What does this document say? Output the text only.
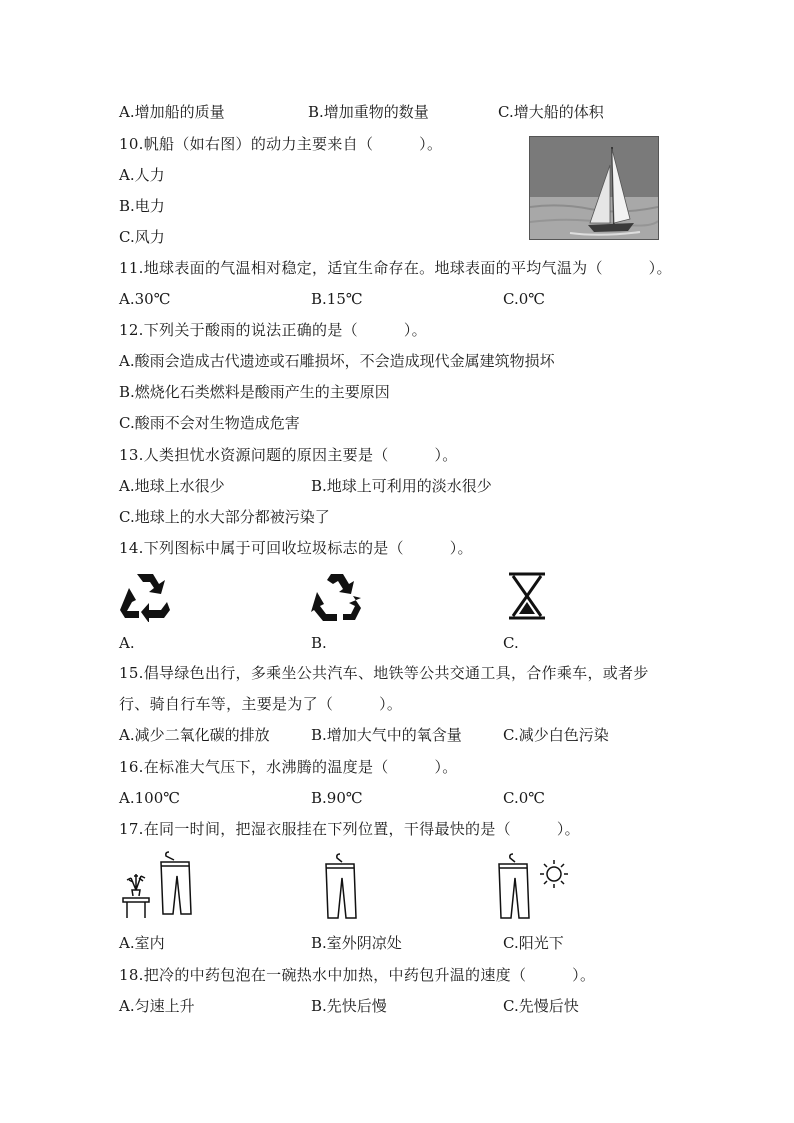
A.增加船的质量	B.增加重物的数量	C.增大船的体积
10.帆船（如右图）的动力主要来自（　　　）。
A.人力
B.电力
C.风力
11.地球表面的气温相对稳定，适宜生命存在。地球表面的平均气温为（　　　）。
A.30℃	B.15℃	C.0℃
12.下列关于酸雨的说法正确的是（　　　）。
A.酸雨会造成古代遗迹或石雕损坏，不会造成现代金属建筑物损坏
B.燃烧化石类燃料是酸雨产生的主要原因
C.酸雨不会对生物造成危害
13.人类担忧水资源问题的原因主要是（　　　）。
A.地球上水很少	B.地球上可利用的淡水很少
C.地球上的水大部分都被污染了
14.下列图标中属于可回收垃圾标志的是（　　　）。
A.	B.	C.
15.倡导绿色出行，多乘坐公共汽车、地铁等公共交通工具，合作乘车，或者步
行、骑自行车等，主要是为了（　　　）。
A.减少二氧化碳的排放	B.增加大气中的氧含量	C.减少白色污染
16.在标准大气压下，水沸腾的温度是（　　　）。
A.100℃	B.90℃	C.0℃
17.在同一时间，把湿衣服挂在下列位置，干得最快的是（　　　）。
A.室内	B.室外阴凉处	C.阳光下
18.把冷的中药包泡在一碗热水中加热，中药包升温的速度（　　　）。
A.匀速上升	B.先快后慢	C.先慢后快
